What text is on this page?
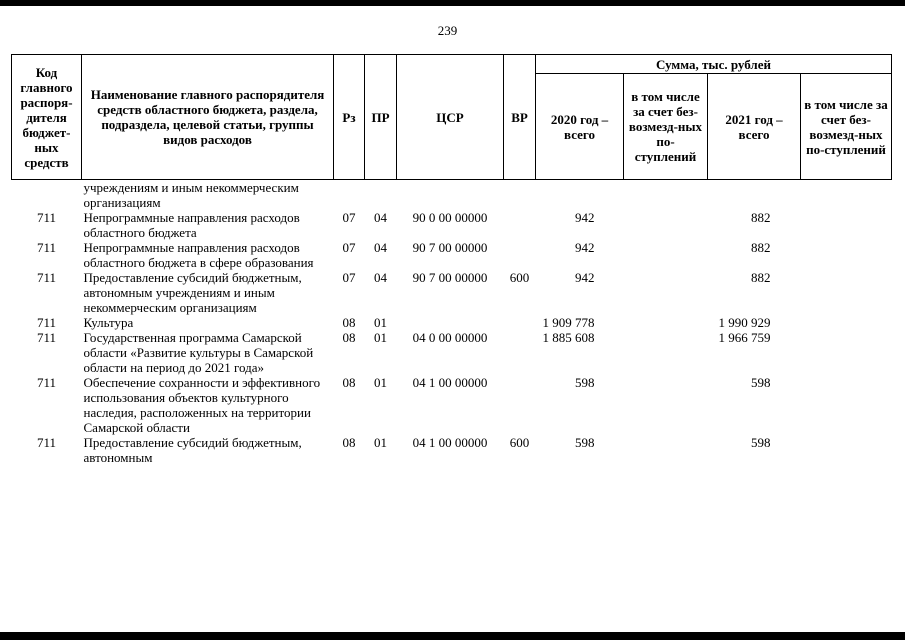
239
Код главного распоря-дителя бюджет-ных средств	Наименование главного распорядителя средств областного бюджета, раздела, подраздела, целевой статьи, группы видов расходов	Рз	ПР	ЦСР	ВР	Сумма, тыс. рублей			
						2020 год – всего	в том числе за счет без-возмезд-ных по-ступлений	2021 год – всего	в том числе за счет без-возмезд-ных по-ступлений
	учреждениям и иным некоммерческим организациям								
711	Непрограммные направления расходов областного бюджета	07	04	90 0 00 00000		942		882	
711	Непрограммные направления расходов областного бюджета в сфере образования	07	04	90 7 00 00000		942		882	
711	Предоставление субсидий бюджетным, автономным учреждениям и иным некоммерческим организациям	07	04	90 7 00 00000	600	942		882	
711	Культура	08	01			1 909 778		1 990 929	
711	Государственная программа Самарской области «Развитие культуры в Самарской области на период до 2021 года»	08	01	04 0 00 00000		1 885 608		1 966 759	
711	Обеспечение сохранности и эффективного использования объектов культурного наследия, расположенных на территории Самарской области	08	01	04 1 00 00000		598		598	
711	Предоставление субсидий бюджетным, автономным	08	01	04 1 00 00000	600	598		598	
